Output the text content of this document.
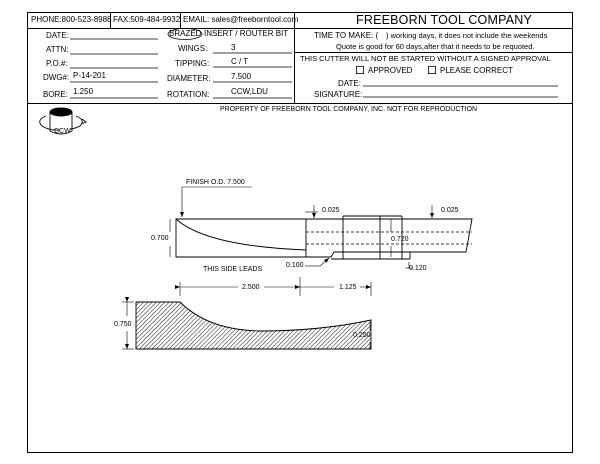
PHONE:800-523-8988 FAX:509-484-9932 EMAIL: sales@freeborntool.com	FREEBORN TOOL COMPANY
DATE:
ATTN:
P.O.#:
DWG#: P-14-201
BORE: 1.250
BRAZED INSERT / ROUTER BIT
WINGS:	3
TIPPING:	C / T
DIAMETER:	7.500
ROTATION:	CCW,LDU
TIME TO MAKE: ( ) working days, it does not include the weekends
Quote is good for 60 days,after that it needs to be requoted.
THIS CUTTER WILL NOT BE STARTED WITHOUT A SIGNED APPROVAL
APPROVED	PLEASE CORRECT
DATE:
SIGNATURE:
PROPERTY OF FREEBORN TOOL COMPANY, INC. NOT FOR REPRODUCTION
CCW
FINISH O.D. 7.500
0.700
0.025	0.025
0.720
0.100	0.120
THIS SIDE LEADS
2.500	1.125
0.750
0.250
